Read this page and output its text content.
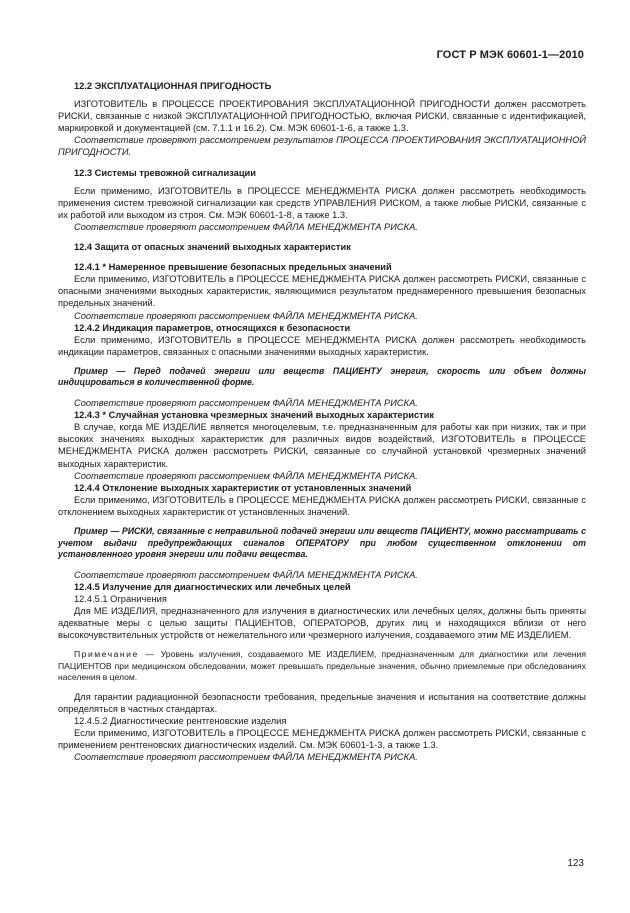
ГОСТ Р МЭК 60601-1—2010

12.2 ЭКСПЛУАТАЦИОННАЯ ПРИГОДНОСТЬ

ИЗГОТОВИТЕЛЬ в ПРОЦЕССЕ ПРОЕКТИРОВАНИЯ ЭКСПЛУАТАЦИОННОЙ ПРИГОДНОСТИ должен рассмотреть РИСКИ, связанные с низкой ЭКСПЛУАТАЦИОННОЙ ПРИГОДНОСТЬЮ, включая РИСКИ, связанные с идентификацией, маркировкой и документацией (см. 7.1.1 и 16.2). См. МЭК 60601-1-6, а также 1.3.

Соответствие проверяют рассмотрением результатов ПРОЦЕССА ПРОЕКТИРОВАНИЯ ЭКСПЛУАТАЦИОННОЙ ПРИГОДНОСТИ.

12.3 Системы тревожной сигнализации

Если применимо, ИЗГОТОВИТЕЛЬ в ПРОЦЕССЕ МЕНЕДЖМЕНТА РИСКА должен рассмотреть необходимость применения систем тревожной сигнализации как средств УПРАВЛЕНИЯ РИСКОМ, а также любые РИСКИ, связанные с их работой или выходом из строя. См. МЭК 60601-1-8, а также 1.3.

Соответствие проверяют рассмотрением ФАЙЛА МЕНЕДЖМЕНТА РИСКА.

12.4 Защита от опасных значений выходных характеристик

12.4.1 * Намеренное превышение безопасных предельных значений

Если применимо, ИЗГОТОВИТЕЛЬ в ПРОЦЕССЕ МЕНЕДЖМЕНТА РИСКА должен рассмотреть РИСКИ, связанные с опасными значениями выходных характеристик, являющимися результатом преднамеренного превышения безопасных предельных значений.

Соответствие проверяют рассмотрением ФАЙЛА МЕНЕДЖМЕНТА РИСКА.

12.4.2 Индикация параметров, относящихся к безопасности

Если применимо, ИЗГОТОВИТЕЛЬ в ПРОЦЕССЕ МЕНЕДЖМЕНТА РИСКА должен рассмотреть необходимость индикации параметров, связанных с опасными значениями выходных характеристик.

Пример — Перед подачей энергии или веществ ПАЦИЕНТУ энергия, скорость или объем должны индицироваться в количественной форме.

Соответствие проверяют рассмотрением ФАЙЛА МЕНЕДЖМЕНТА РИСКА.

12.4.3 * Случайная установка чрезмерных значений выходных характеристик

В случае, когда МЕ ИЗДЕЛИЕ является многоцелевым, т.е. предназначенным для работы как при низких, так и при высоких значениях выходных характеристик для различных видов воздействий, ИЗГОТОВИТЕЛЬ в ПРОЦЕССЕ МЕНЕДЖМЕНТА РИСКА должен рассмотреть РИСКИ, связанные со случайной установкой чрезмерных значений выходных характеристик.

Соответствие проверяют рассмотрением ФАЙЛА МЕНЕДЖМЕНТА РИСКА.

12.4.4 Отклонение выходных характеристик от установленных значений

Если применимо, ИЗГОТОВИТЕЛЬ в ПРОЦЕССЕ МЕНЕДЖМЕНТА РИСКА должен рассмотреть РИСКИ, связанные с отклонением выходных характеристик от установленных значений.

Пример — РИСКИ, связанные с неправильной подачей энергии или веществ ПАЦИЕНТУ, можно рассматривать с учетом выдачи предупреждающих сигналов ОПЕРАТОРУ при любом существенном отклонении от установленного уровня энергии или подачи вещества.

Соответствие проверяют рассмотрением ФАЙЛА МЕНЕДЖМЕНТА РИСКА.

12.4.5 Излучение для диагностических или лечебных целей

12.4.5.1 Ограничения

Для МЕ ИЗДЕЛИЯ, предназначенного для излучения в диагностических или лечебных целях, должны быть приняты адекватные меры с целью защиты ПАЦИЕНТОВ, ОПЕРАТОРОВ, других лиц и находящихся вблизи от него высокочувствительных устройств от нежелательного или чрезмерного излучения, создаваемого этим МЕ ИЗДЕЛИЕМ.

Примечание — Уровень излучения, создаваемого МЕ ИЗДЕЛИЕМ, предназначенным для диагностики или лечения ПАЦИЕНТОВ при медицинском обследовании, может превышать предельные значения, обычно приемлемые при обследованиях населения в целом.

Для гарантии радиационной безопасности требования, предельные значения и испытания на соответствие должны определяться в частных стандартах.

12.4.5.2 Диагностические рентгеновские изделия

Если применимо, ИЗГОТОВИТЕЛЬ в ПРОЦЕССЕ МЕНЕДЖМЕНТА РИСКА должен рассмотреть РИСКИ, связанные с применением рентгеновских диагностических изделий. См. МЭК 60601-1-3, а также 1.3.

Соответствие проверяют рассмотрением ФАЙЛА МЕНЕДЖМЕНТА РИСКА.

123
